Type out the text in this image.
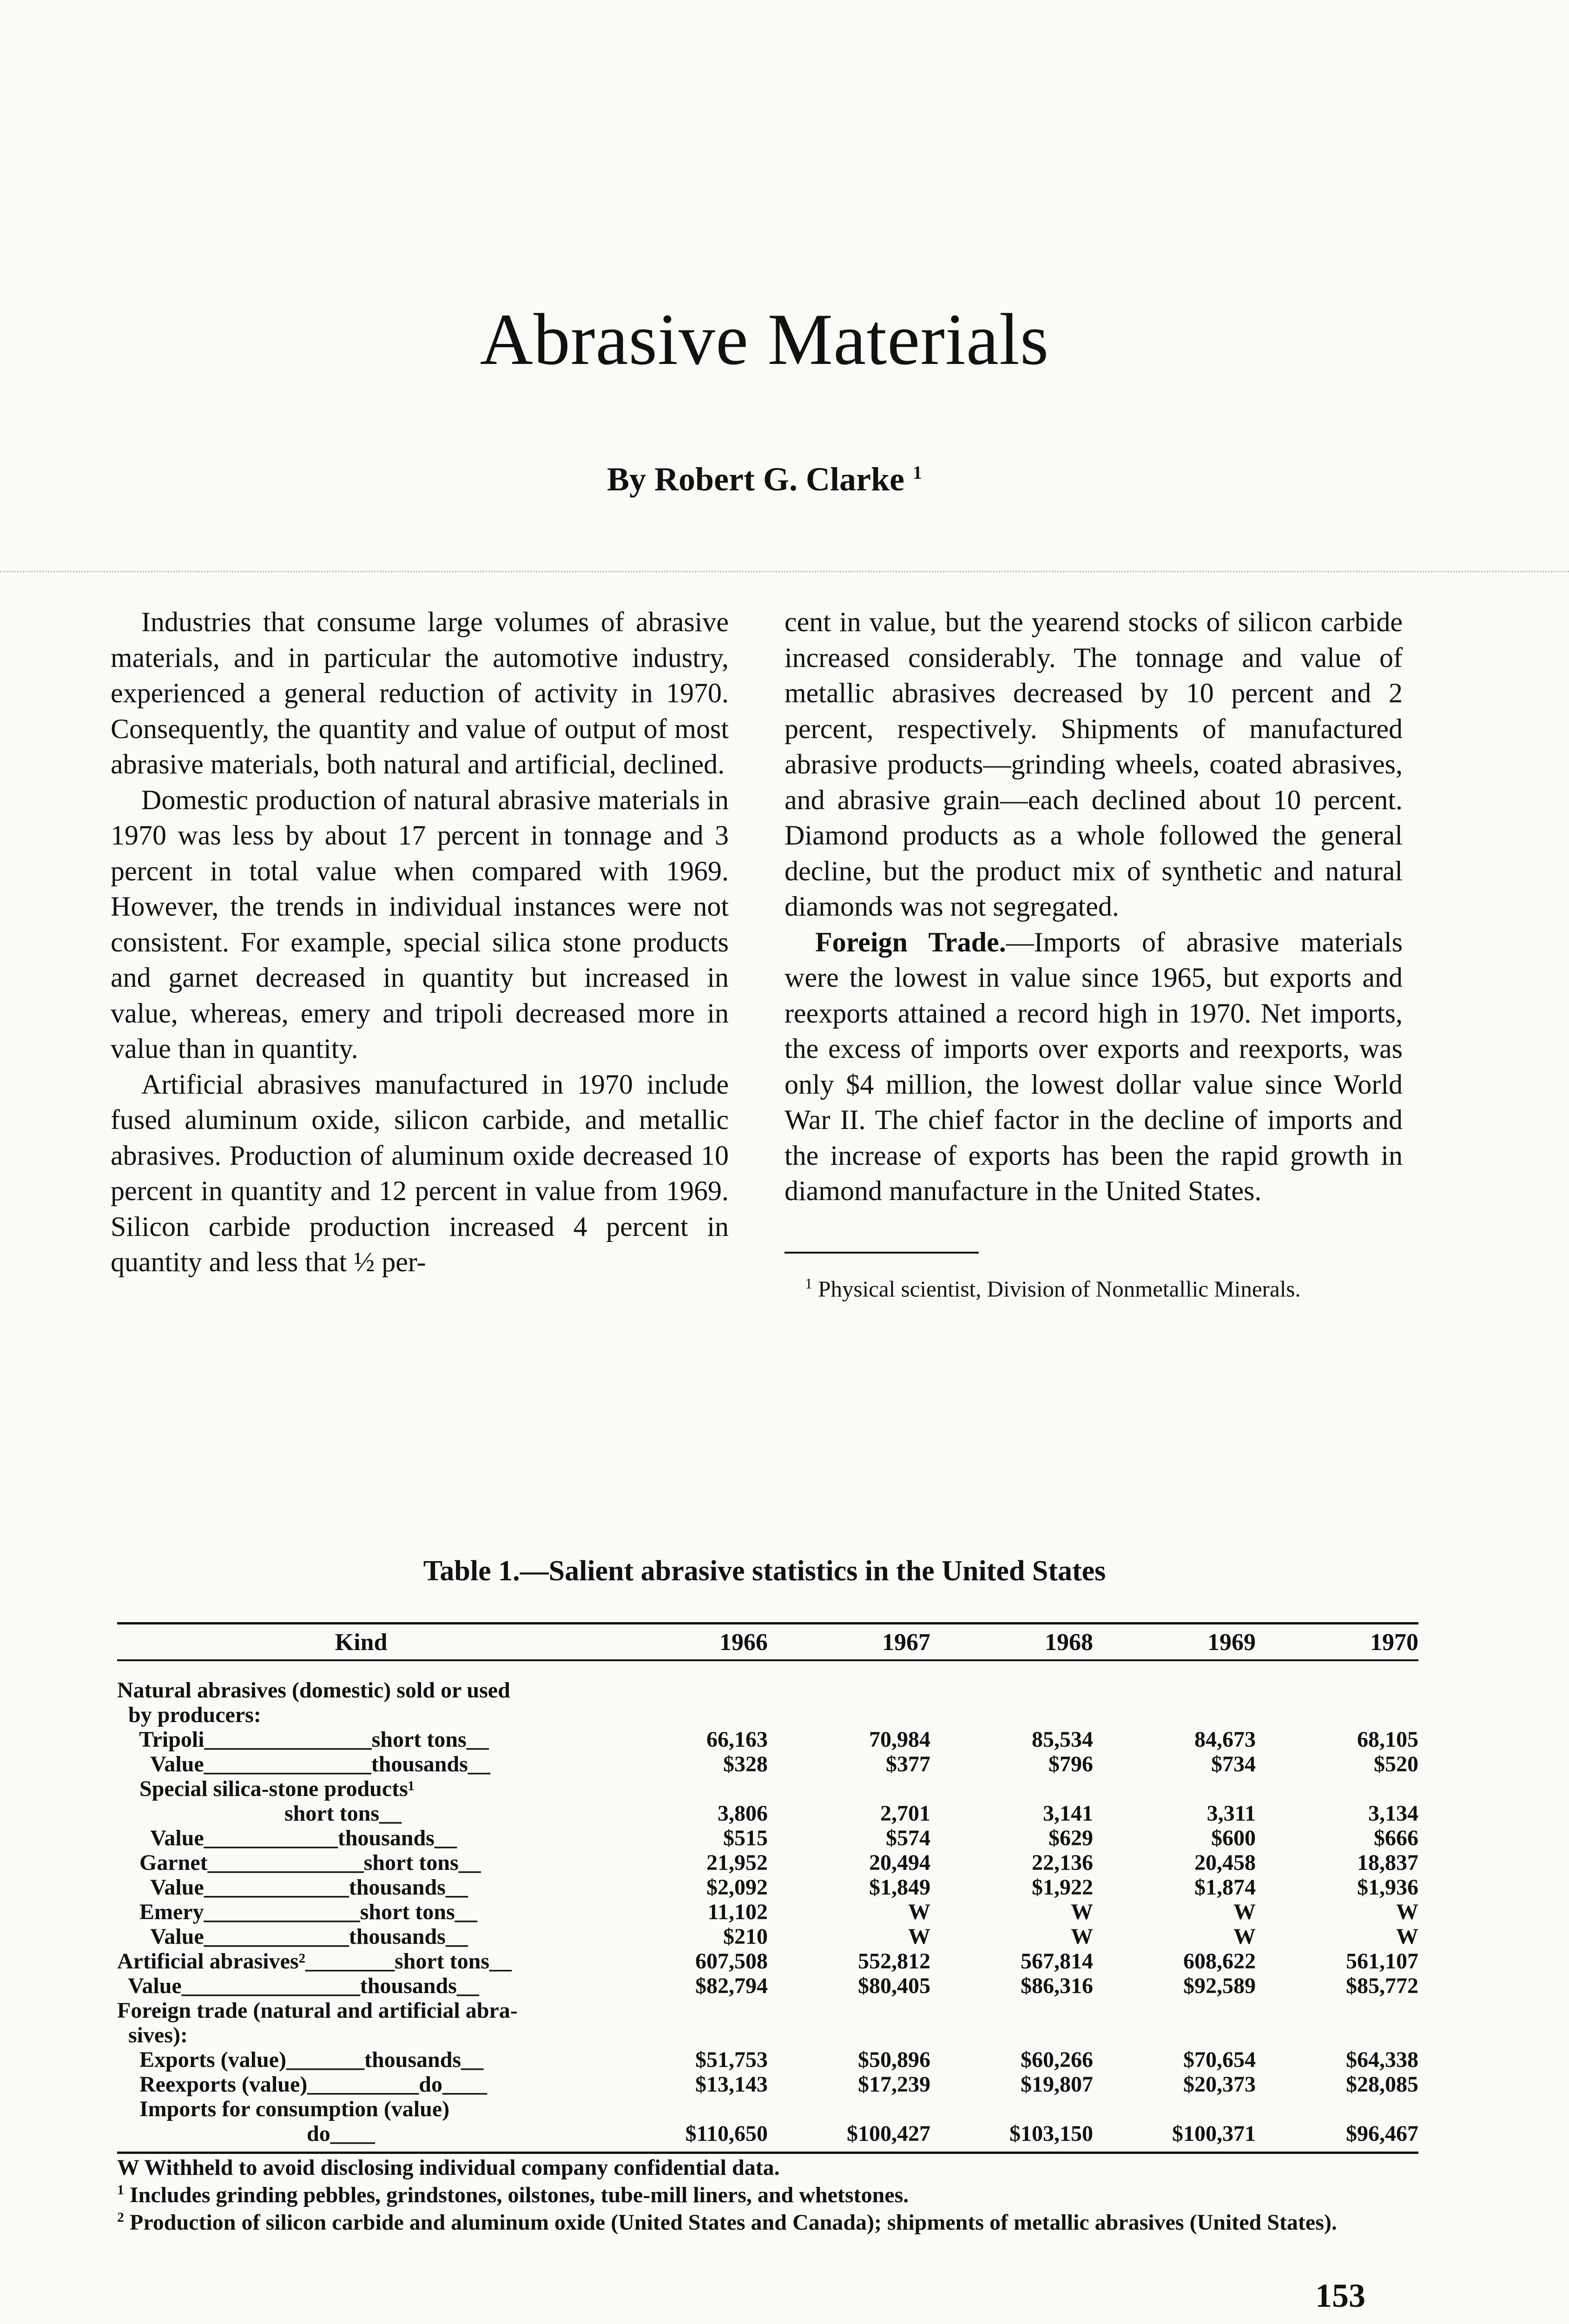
Abrasive Materials
By Robert G. Clarke $^1$

Industries that consume large volumes of abrasive materials, and in particular the automotive industry, experienced a general reduction of activity in 1970. Consequently, the quantity and value of output of most abrasive materials, both natural and artificial, declined.

Domestic production of natural abrasive materials in 1970 was less by about 17 percent in tonnage and 3 percent in total value when compared with 1969. However, the trends in individual instances were not consistent. For example, special silica stone products and garnet decreased in quantity but increased in value, whereas, emery and tripoli decreased more in value than in quantity.

Artificial abrasives manufactured in 1970 include fused aluminum oxide, silicon carbide, and metallic abrasives. Production of aluminum oxide decreased 10 percent in quantity and 12 percent in value from 1969. Silicon carbide production increased 4 percent in quantity and less that ½ per-

cent in value, but the yearend stocks of silicon carbide increased considerably. The tonnage and value of metallic abrasives decreased by 10 percent and 2 percent, respectively. Shipments of manufactured abrasive products—grinding wheels, coated abrasives, and abrasive grain—each declined about 10 percent. Diamond products as a whole followed the general decline, but the product mix of synthetic and natural diamonds was not segregated.

Foreign Trade.—Imports of abrasive materials were the lowest in value since 1965, but exports and reexports attained a record high in 1970. Net imports, the excess of imports over exports and reexports, was only $4 million, the lowest dollar value since World War II. The chief factor in the decline of imports and the increase of exports has been the rapid growth in diamond manufacture in the United States.

$^1$ Physical scientist, Division of Nonmetallic Minerals.
Table 1.—Salient abrasive statistics in the United States
Kind	1966	1967	1968	1969	1970
Natural abrasives (domestic) sold or used
by producers:
Tripoli_______________short tons__	66,163	70,984	85,534	84,673	68,105
Value_______________thousands__	$328	$377	$796	$734	$520
Special silica-stone products¹
short tons__	3,806	2,701	3,141	3,311	3,134
Value____________thousands__	$515	$574	$629	$600	$666
Garnet______________short tons__	21,952	20,494	22,136	20,458	18,837
Value_____________thousands__	$2,092	$1,849	$1,922	$1,874	$1,936
Emery______________short tons__	11,102	W	W	W	W
Value_____________thousands__	$210	W	W	W	W
Artificial abrasives²________short tons__	607,508	552,812	567,814	608,622	561,107
Value________________thousands__	$82,794	$80,405	$86,316	$92,589	$85,772
Foreign trade (natural and artificial abra-
sives):
Exports (value)_______thousands__	$51,753	$50,896	$60,266	$70,654	$64,338
Reexports (value)__________do____	$13,143	$17,239	$19,807	$20,373	$28,085
Imports for consumption (value)
do____	$110,650	$100,427	$103,150	$100,371	$96,467

W Withheld to avoid disclosing individual company confidential data.

$^1$ Includes grinding pebbles, grindstones, oilstones, tube-mill liners, and whetstones.

$^2$ Production of silicon carbide and aluminum oxide (United States and Canada); shipments of metallic abrasives (United States).

153
